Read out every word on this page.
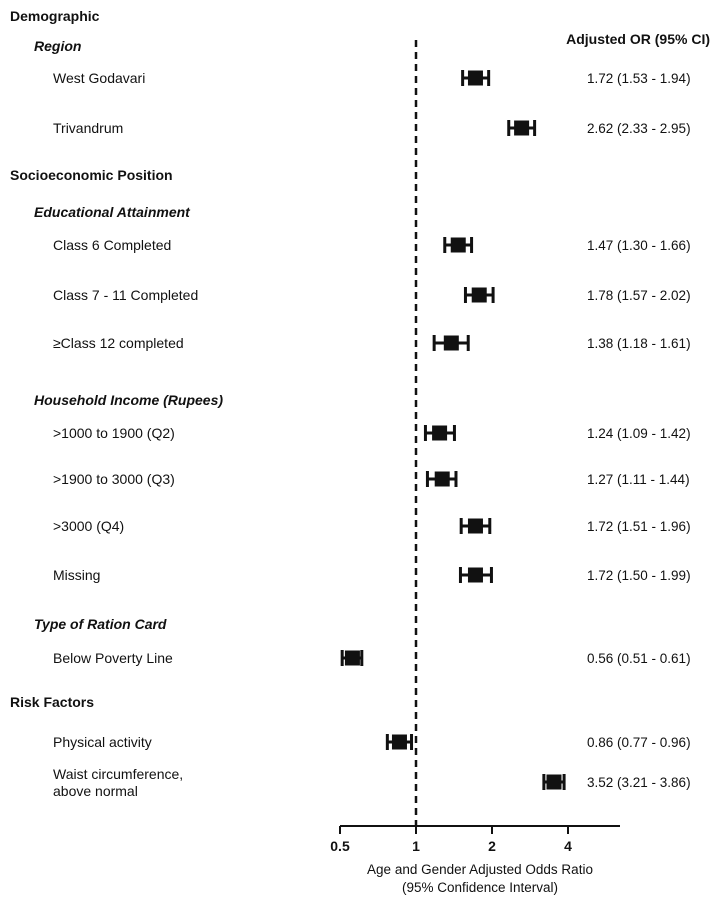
Adjusted OR (95% CI)
Demographic
Region
West Godavari	1.72 (1.53 - 1.94)
Trivandrum	2.62 (2.33 - 2.95)
Socioeconomic Position
Educational Attainment
Class 6 Completed	1.47 (1.30 - 1.66)
Class 7 - 11 Completed	1.78 (1.57 - 2.02)
≥Class 12 completed	1.38 (1.18 - 1.61)
Household Income (Rupees)
>1000 to 1900 (Q2)	1.24 (1.09 - 1.42)
>1900 to 3000 (Q3)	1.27 (1.11 - 1.44)
>3000 (Q4)	1.72 (1.51 - 1.96)
Missing	1.72 (1.50 - 1.99)
Type of Ration Card
Below Poverty Line	0.56 (0.51 - 0.61)
Risk Factors
Physical activity	0.86 (0.77 - 0.96)
Waist circumference,
above normal
3.52 (3.21 - 3.86)
0.5	1	2	4
Age and Gender Adjusted Odds Ratio
(95% Confidence Interval)
